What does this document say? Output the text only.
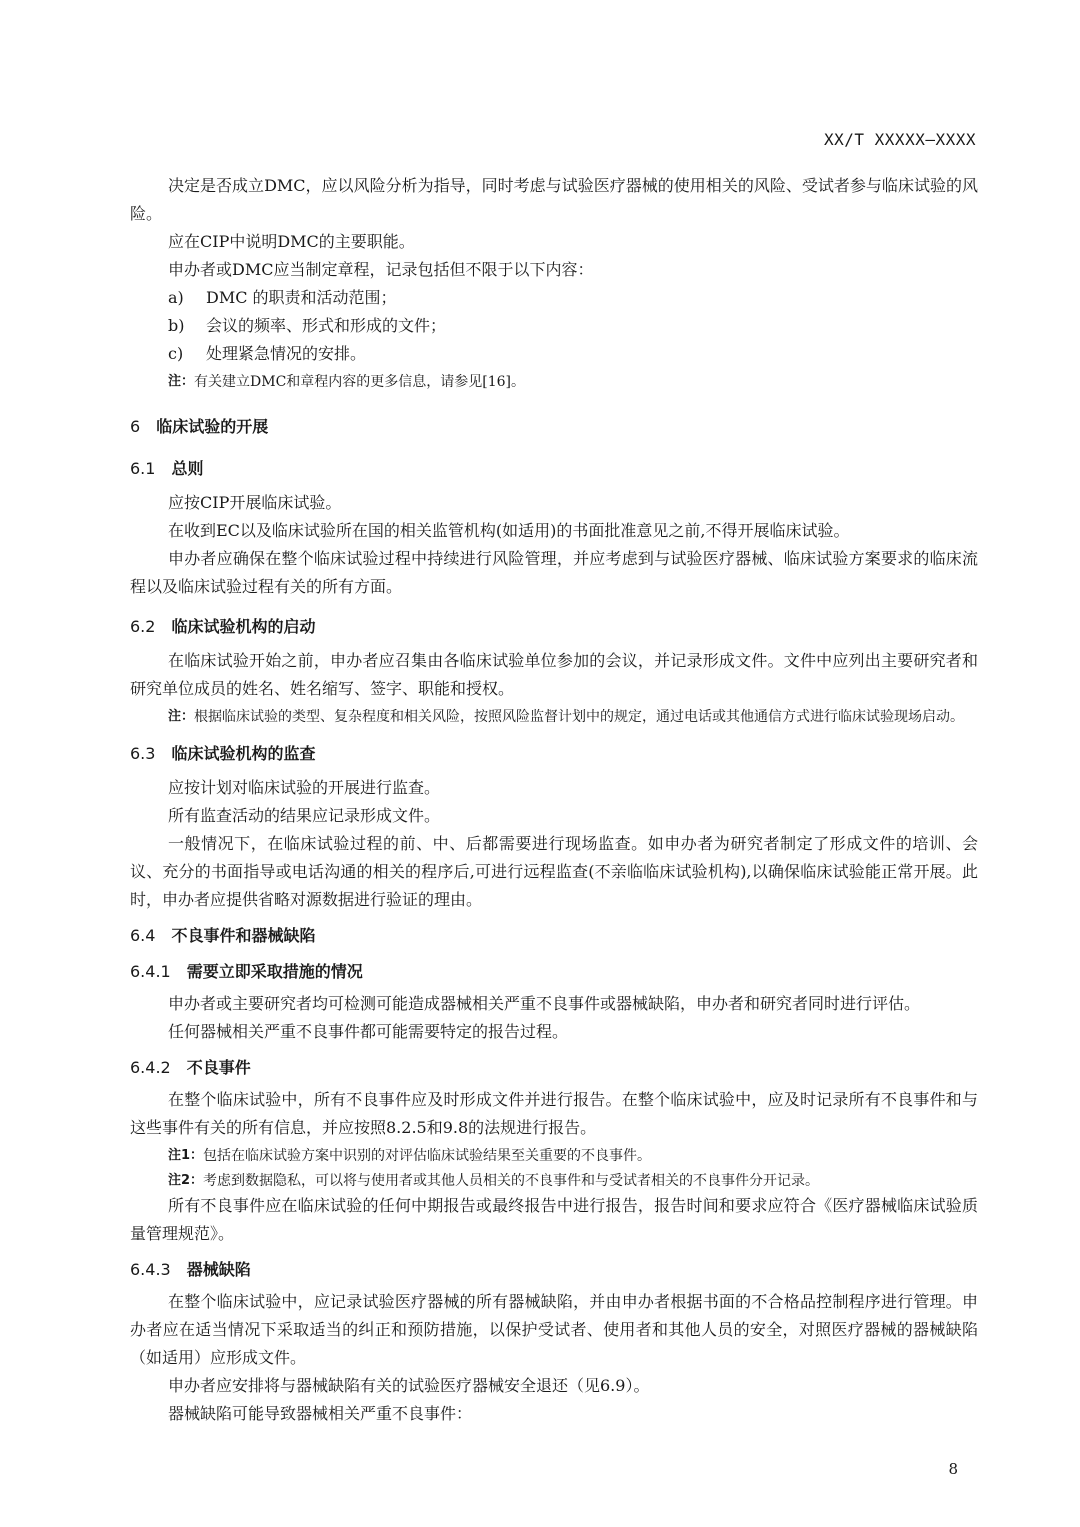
XX/T XXXXX—XXXX

决定是否成立DMC，应以风险分析为指导，同时考虑与试验医疗器械的使用相关的风险、受试者参与临床试验的风险。

应在CIP中说明DMC的主要职能。

申办者或DMC应当制定章程，记录包括但不限于以下内容：

a)	DMC 的职责和活动范围；
b)	会议的频率、形式和形成的文件；
c)	处理紧急情况的安排。
注： 有关建立DMC和章程内容的更多信息，请参见[16]。
6 临床试验的开展
6.1 总则

应按CIP开展临床试验。

在收到EC以及临床试验所在国的相关监管机构(如适用)的书面批准意见之前,不得开展临床试验。

申办者应确保在整个临床试验过程中持续进行风险管理，并应考虑到与试验医疗器械、临床试验方案要求的临床流程以及临床试验过程有关的所有方面。

6.2 临床试验机构的启动

在临床试验开始之前，申办者应召集由各临床试验单位参加的会议，并记录形成文件。文件中应列出主要研究者和研究单位成员的姓名、姓名缩写、签字、职能和授权。

注： 根据临床试验的类型、复杂程度和相关风险，按照风险监督计划中的规定，通过电话或其他通信方式进行临床试验现场启动。
6.3 临床试验机构的监查

应按计划对临床试验的开展进行监查。

所有监查活动的结果应记录形成文件。

一般情况下，在临床试验过程的前、中、后都需要进行现场监查。如申办者为研究者制定了形成文件的培训、会议、充分的书面指导或电话沟通的相关的程序后,可进行远程监查(不亲临临床试验机构),以确保临床试验能正常开展。此时，申办者应提供省略对源数据进行验证的理由。

6.4 不良事件和器械缺陷
6.4.1 需要立即采取措施的情况

申办者或主要研究者均可检测可能造成器械相关严重不良事件或器械缺陷，申办者和研究者同时进行评估。

任何器械相关严重不良事件都可能需要特定的报告过程。

6.4.2 不良事件

在整个临床试验中，所有不良事件应及时形成文件并进行报告。在整个临床试验中，应及时记录所有不良事件和与这些事件有关的所有信息，并应按照8.2.5和9.8的法规进行报告。

注1： 包括在临床试验方案中识别的对评估临床试验结果至关重要的不良事件。
注2： 考虑到数据隐私，可以将与使用者或其他人员相关的不良事件和与受试者相关的不良事件分开记录。

所有不良事件应在临床试验的任何中期报告或最终报告中进行报告，报告时间和要求应符合《医疗器械临床试验质量管理规范》。

6.4.3 器械缺陷

在整个临床试验中，应记录试验医疗器械的所有器械缺陷，并由申办者根据书面的不合格品控制程序进行管理。申办者应在适当情况下采取适当的纠正和预防措施，以保护受试者、使用者和其他人员的安全，对照医疗器械的器械缺陷（如适用）应形成文件。

申办者应安排将与器械缺陷有关的试验医疗器械安全退还（见6.9）。

器械缺陷可能导致器械相关严重不良事件：

8
